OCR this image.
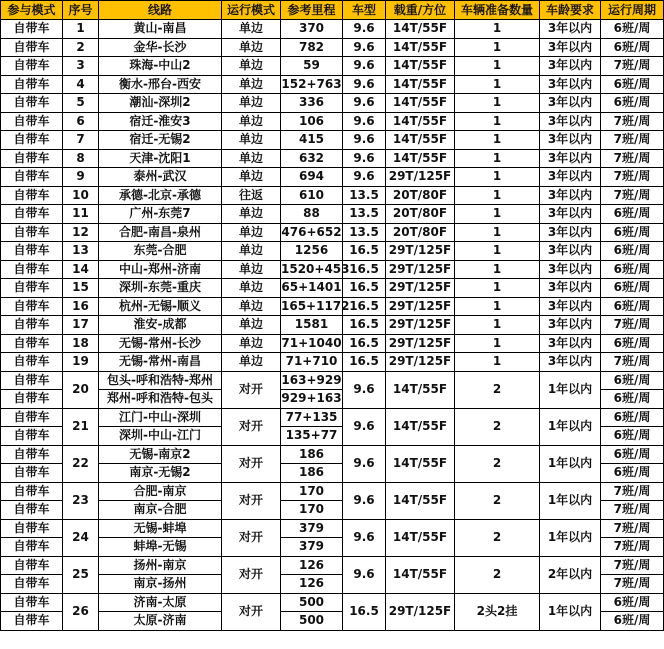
参与模式	序号	线路	运行模式	参考里程	车型	载重/方位	车辆准备数量	车龄要求	运行周期
自带车	1	黄山-南昌	单边	370	9.6	14T/55F	1	3年以内	6班/周
自带车	2	金华-长沙	单边	782	9.6	14T/55F	1	3年以内	6班/周
自带车	3	珠海-中山2	单边	59	9.6	14T/55F	1	3年以内	7班/周
自带车	4	衡水-邢台-西安	单边	152+763	9.6	14T/55F	1	3年以内	6班/周
自带车	5	潮汕-深圳2	单边	336	9.6	14T/55F	1	3年以内	6班/周
自带车	6	宿迁-淮安3	单边	106	9.6	14T/55F	1	3年以内	7班/周
自带车	7	宿迁-无锡2	单边	415	9.6	14T/55F	1	3年以内	7班/周
自带车	8	天津-沈阳1	单边	632	9.6	14T/55F	1	3年以内	7班/周
自带车	9	泰州-武汉	单边	694	9.6	29T/125F	1	3年以内	7班/周
自带车	10	承德-北京-承德	往返	610	13.5	20T/80F	1	3年以内	7班/周
自带车	11	广州-东莞7	单边	88	13.5	20T/80F	1	3年以内	6班/周
自带车	12	合肥-南昌-泉州	单边	476+652	13.5	20T/80F	1	3年以内	6班/周
自带车	13	东莞-合肥	单边	1256	16.5	29T/125F	1	3年以内	6班/周
自带车	14	中山-郑州-济南	单边	1520+453	16.5	29T/125F	1	3年以内	6班/周
自带车	15	深圳-东莞-重庆	单边	65+1401	16.5	29T/125F	1	3年以内	6班/周
自带车	16	杭州-无锡-顺义	单边	165+1172	16.5	29T/125F	1	3年以内	6班/周
自带车	17	淮安-成都	单边	1581	16.5	29T/125F	1	3年以内	7班/周
自带车	18	无锡-常州-长沙	单边	71+1040	16.5	29T/125F	1	3年以内	6班/周
自带车	19	无锡-常州-南昌	单边	71+710	16.5	29T/125F	1	3年以内	7班/周
自带车	20	包头-呼和浩特-郑州	对开	163+929	9.6	14T/55F	2	1年以内	6班/周
自带车		郑州-呼和浩特-包头		929+163					6班/周
自带车	21	江门-中山-深圳	对开	77+135	9.6	14T/55F	2	1年以内	6班/周
自带车		深圳-中山-江门		135+77					6班/周
自带车	22	无锡-南京2	对开	186	9.6	14T/55F	2	1年以内	6班/周
自带车		南京-无锡2		186					6班/周
自带车	23	合肥-南京	对开	170	9.6	14T/55F	2	1年以内	7班/周
自带车		南京-合肥		170					7班/周
自带车	24	无锡-蚌埠	对开	379	9.6	14T/55F	2	1年以内	7班/周
自带车		蚌埠-无锡		379					7班/周
自带车	25	扬州-南京	对开	126	9.6	14T/55F	2	2年以内	7班/周
自带车		南京-扬州		126					7班/周
自带车	26	济南-太原	对开	500	16.5	29T/125F	2头2挂	1年以内	6班/周
自带车		太原-济南		500					6班/周
